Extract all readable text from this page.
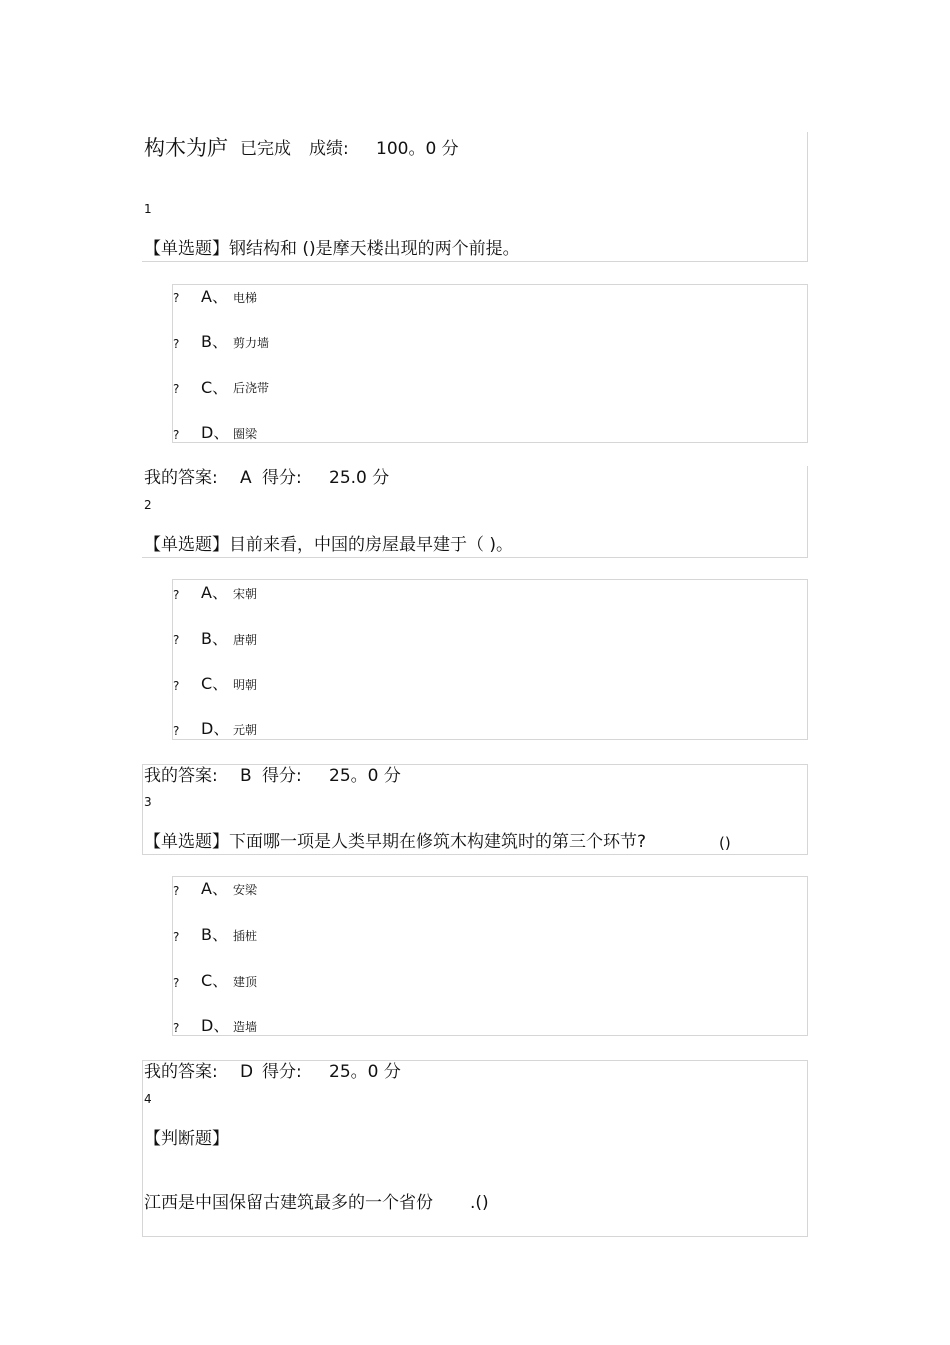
构木为庐 已完成 成绩: 100。0 分
1
【单选题】钢结构和 ()是摩天楼出现的两个前提。
? A、 电梯
? B、 剪力墙
? C、 后浇带
? D、 圈梁
我的答案: A 得分: 25.0 分
2
【单选题】目前来看，中国的房屋最早建于（ )。
? A、 宋朝
? B、 唐朝
? C、 明朝
? D、 元朝
我的答案: B 得分: 25。0 分
3
【单选题】下面哪一项是人类早期在修筑木构建筑时的第三个环节?	()
? A、 安梁
? B、 插桩
? C、 建顶
? D、 造墙
我的答案: D 得分: 25。0 分
4
【判断题】
江西是中国保留古建筑最多的一个省份 .()
